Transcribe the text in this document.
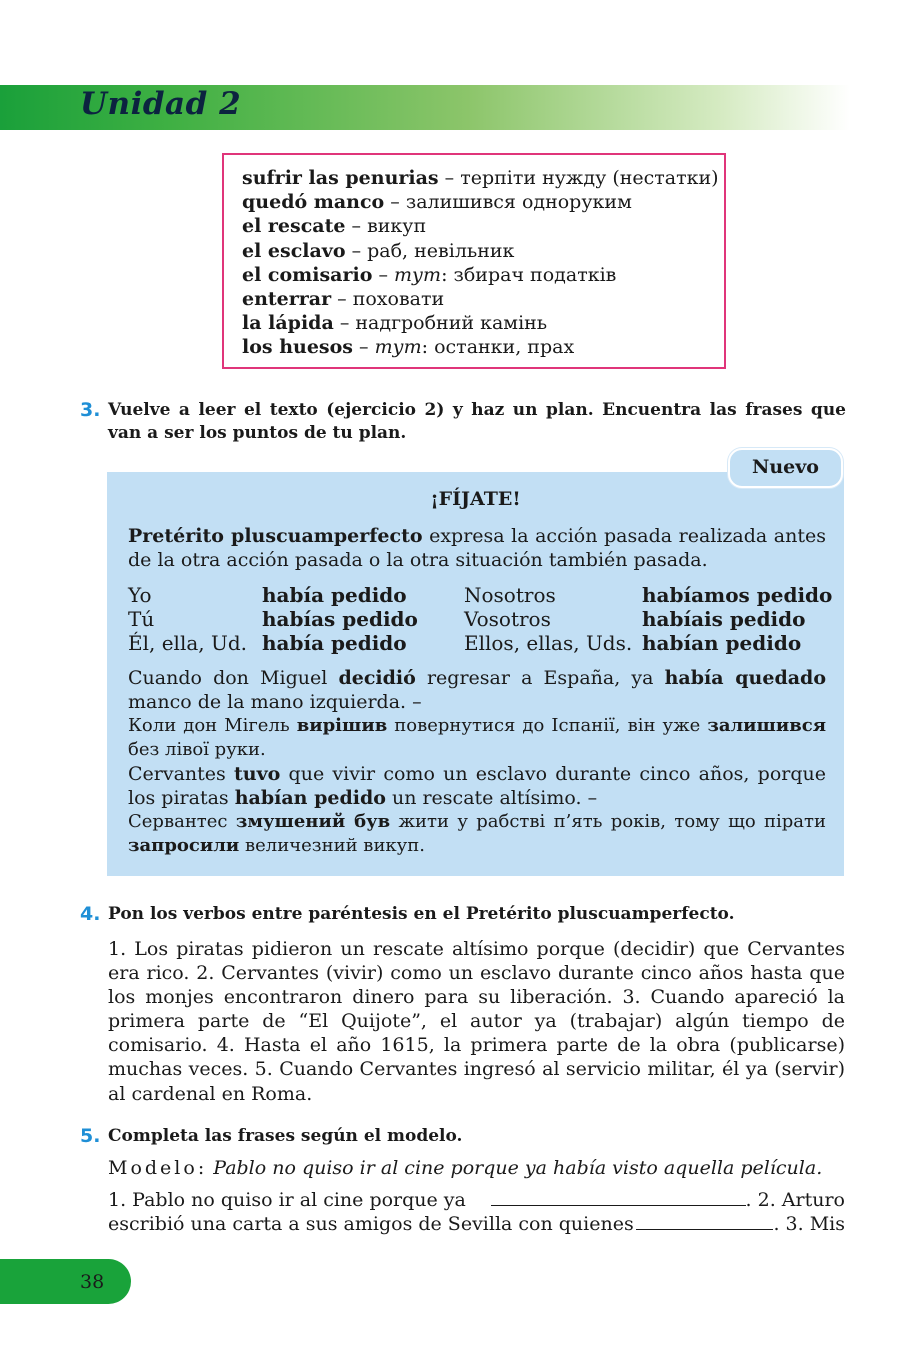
Unidad 2
sufrir las penurias – терпіти нужду (нестатки)
quedó manco – залишився одноруким
el rescate – викуп
el esclavo – раб, невільник
el comisario – тут: збирач податків
enterrar – поховати
la lápida – надгробний камінь
los huesos – тут: останки, прах
3. Vuelve a leer el texto (ejercicio 2) y haz un plan. Encuentra las frases que
van a ser los puntos de tu plan.
¡FÍJATE!
Pretérito pluscuamperfecto expresa la acción pasada realizada antes de la otra acción pasada o la otra situación también pasada.
Yo	había pedido	Nosotros	habíamos pedido
Tú	habías pedido Vosotros	habíais pedido
Él, ella, Ud. había pedido	Ellos, ellas, Uds. habían pedido
Cuando don Miguel decidió regresar a España, ya había quedado manco de la mano izquierda. –
Коли дон Мігель вирішив повернутися до Іспанії, він уже залишився без лівої руки.
Cervantes tuvo que vivir como un esclavo durante cinco años, porque los piratas habían pedido un rescate altísimo. –
Сервантес змушений був жити у рабстві п’ять років, тому що пірати запросили величезний викуп.
Nuevo
4. Pon los verbos entre paréntesis en el Pretérito pluscuamperfecto.
1. Los piratas pidieron un rescate altísimo porque (decidir) que Cervantes era rico. 2. Cervantes (vivir) como un esclavo durante cinco años hasta que los monjes encontraron dinero para su liberación. 3. Cuando apareció la primera parte de “El Quijote”, el autor ya (trabajar) algún tiempo de comisario. 4. Hasta el año 1615, la primera parte de la obra (publicarse) muchas veces. 5. Cuando Cervantes ingresó al servicio militar, él ya (servir) al cardenal en Roma.
5. Completa las frases según el modelo.
Modelo: Pablo no quiso ir al cine porque ya había visto aquella película.
1. Pablo no quiso ir al cine porque ya	. 2. Arturo
escribió una carta a sus amigos de Sevilla con quienes	. 3. Mis
38
